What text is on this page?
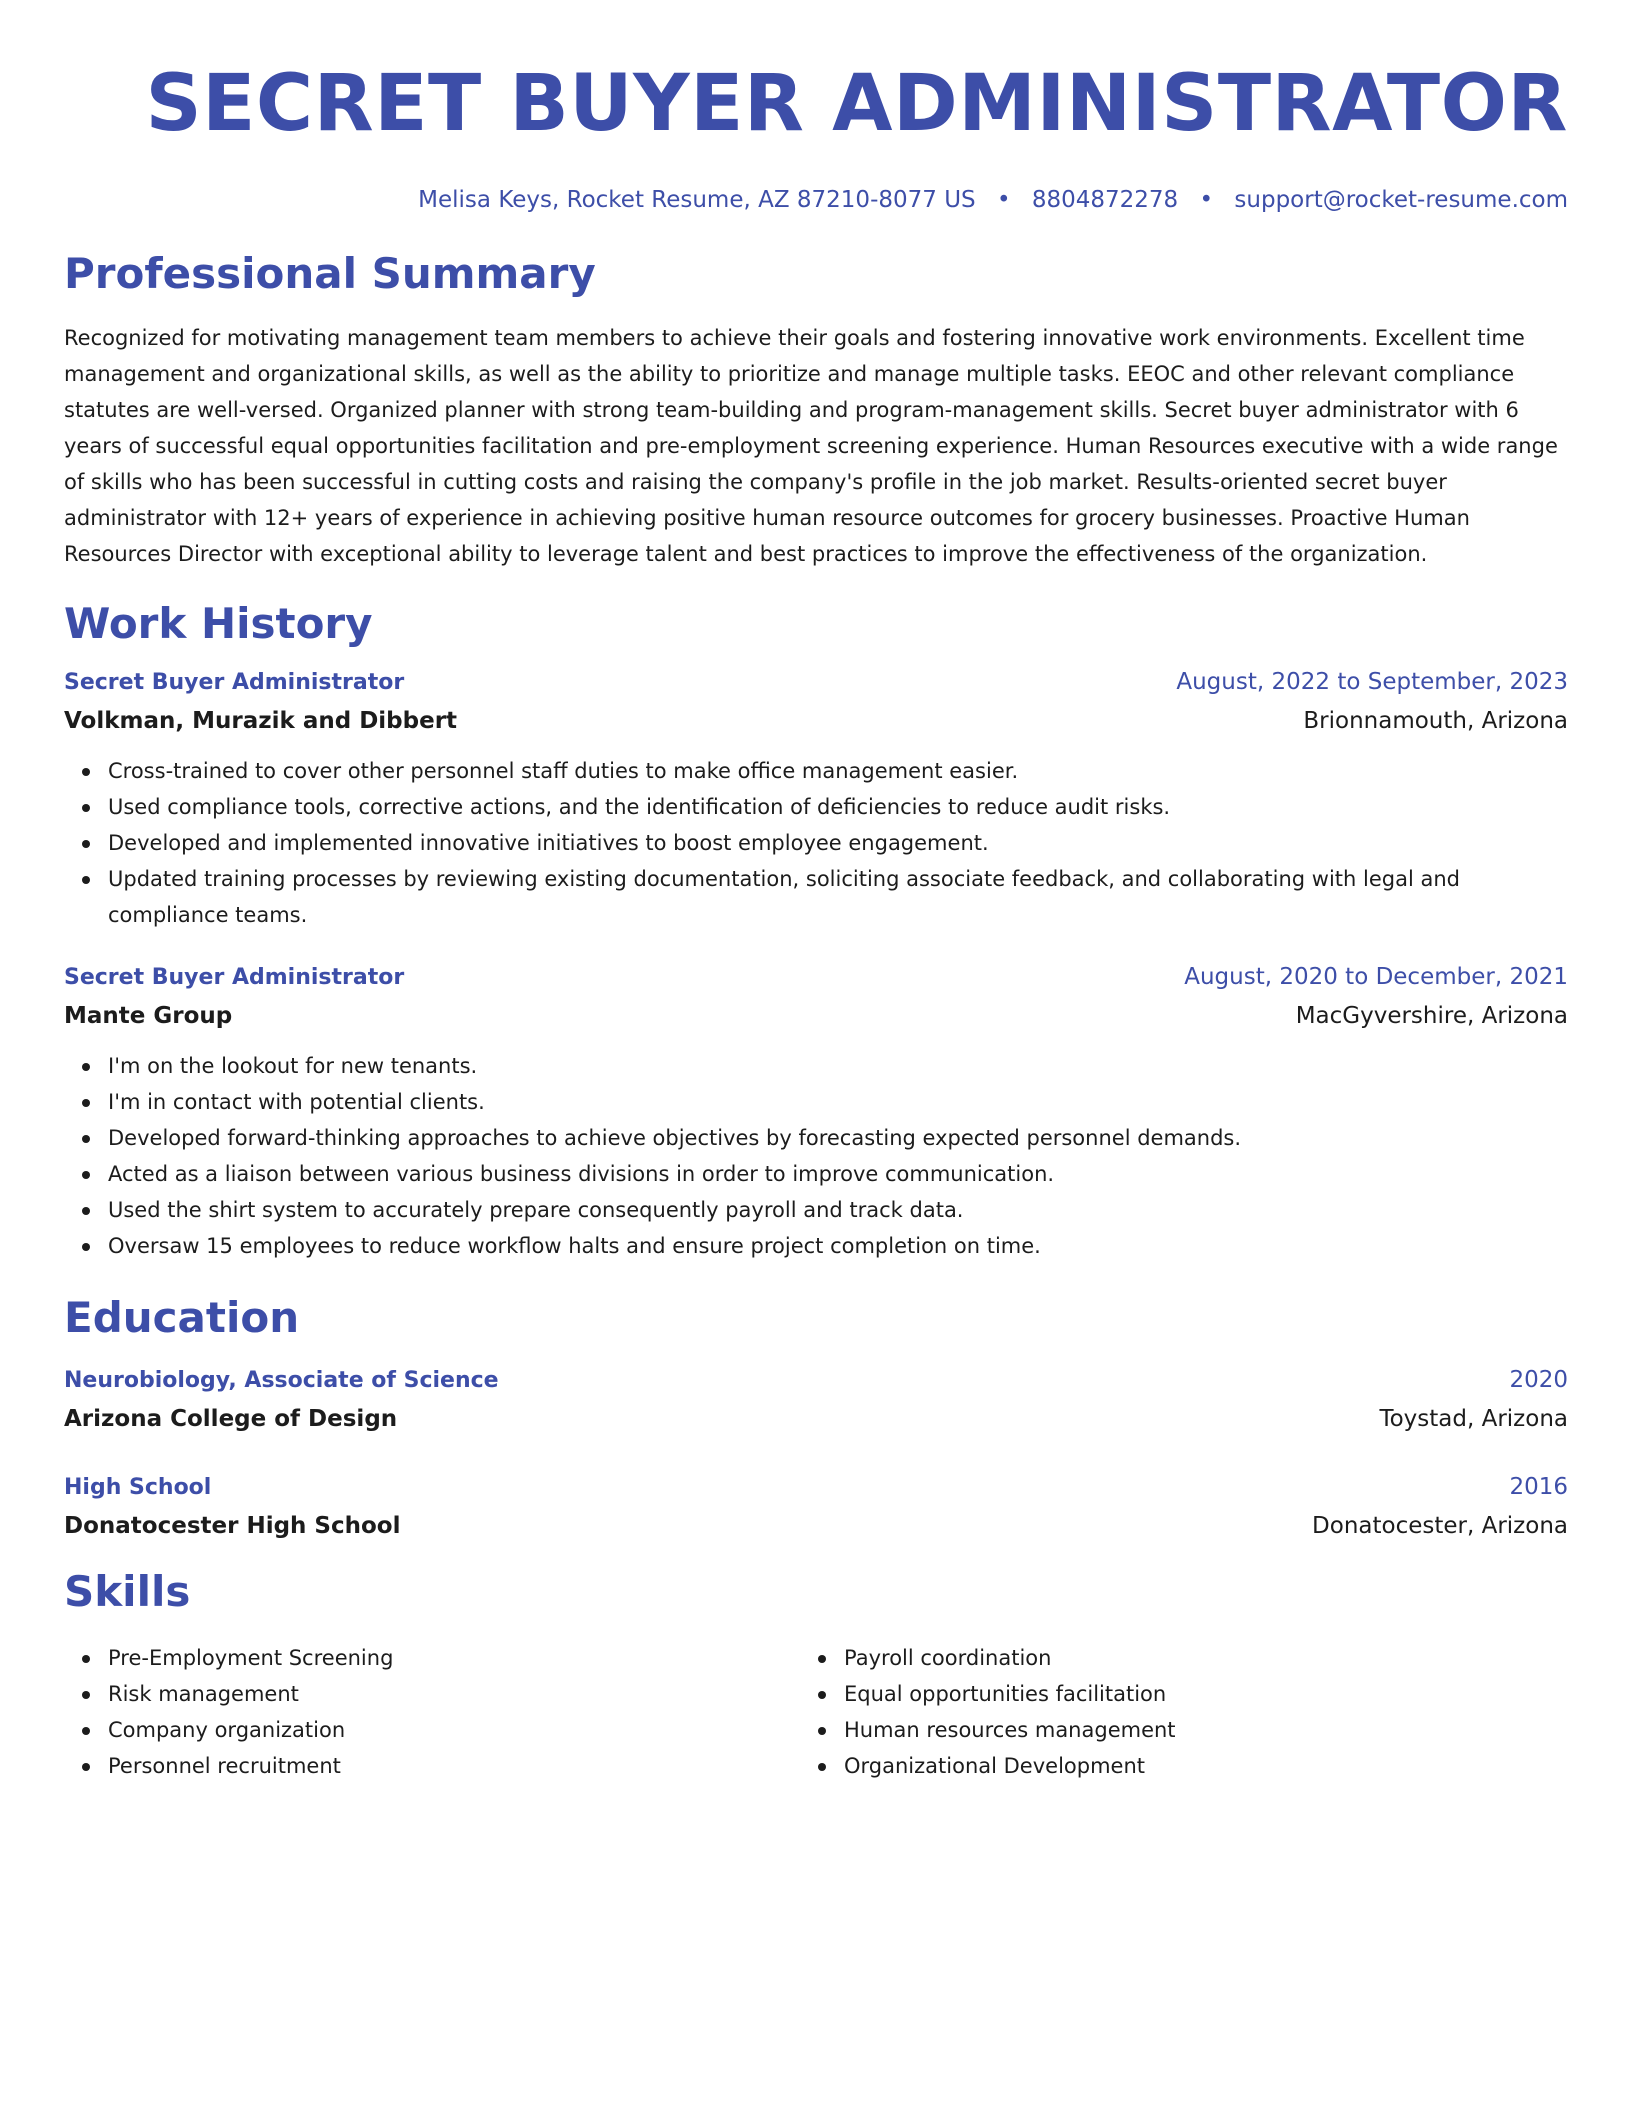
SECRET BUYER ADMINISTRATOR
Melisa Keys, Rocket Resume, AZ 87210-8077 US • 8804872278 • support@rocket-resume.com
Professional Summary
Recognized for motivating management team members to achieve their goals and fostering innovative work environments. Excellent time management and organizational skills, as well as the ability to prioritize and manage multiple tasks. EEOC and other relevant compliance statutes are well-versed. Organized planner with strong team-building and program-management skills. Secret buyer administrator with 6 years of successful equal opportunities facilitation and pre-employment screening experience. Human Resources executive with a wide range of skills who has been successful in cutting costs and raising the company's profile in the job market. Results-oriented secret buyer administrator with 12+ years of experience in achieving positive human resource outcomes for grocery businesses. Proactive Human Resources Director with exceptional ability to leverage talent and best practices to improve the effectiveness of the organization.
Work History
Secret Buyer Administrator	August, 2022 to September, 2023
Volkman, Murazik and Dibbert	Brionnamouth, Arizona
Cross-trained to cover other personnel staff duties to make office management easier.
Used compliance tools, corrective actions, and the identification of deficiencies to reduce audit risks.
Developed and implemented innovative initiatives to boost employee engagement.
Updated training processes by reviewing existing documentation, soliciting associate feedback, and collaborating with legal and compliance teams.
Secret Buyer Administrator	August, 2020 to December, 2021
Mante Group	MacGyvershire, Arizona
I'm on the lookout for new tenants.
I'm in contact with potential clients.
Developed forward-thinking approaches to achieve objectives by forecasting expected personnel demands.
Acted as a liaison between various business divisions in order to improve communication.
Used the shirt system to accurately prepare consequently payroll and track data.
Oversaw 15 employees to reduce workflow halts and ensure project completion on time.
Education
Neurobiology, Associate of Science	2020
Arizona College of Design	Toystad, Arizona
High School	2016
Donatocester High School	Donatocester, Arizona
Skills
Pre-Employment Screening
Risk management
Company organization
Personnel recruitment
Payroll coordination
Equal opportunities facilitation
Human resources management
Organizational Development
